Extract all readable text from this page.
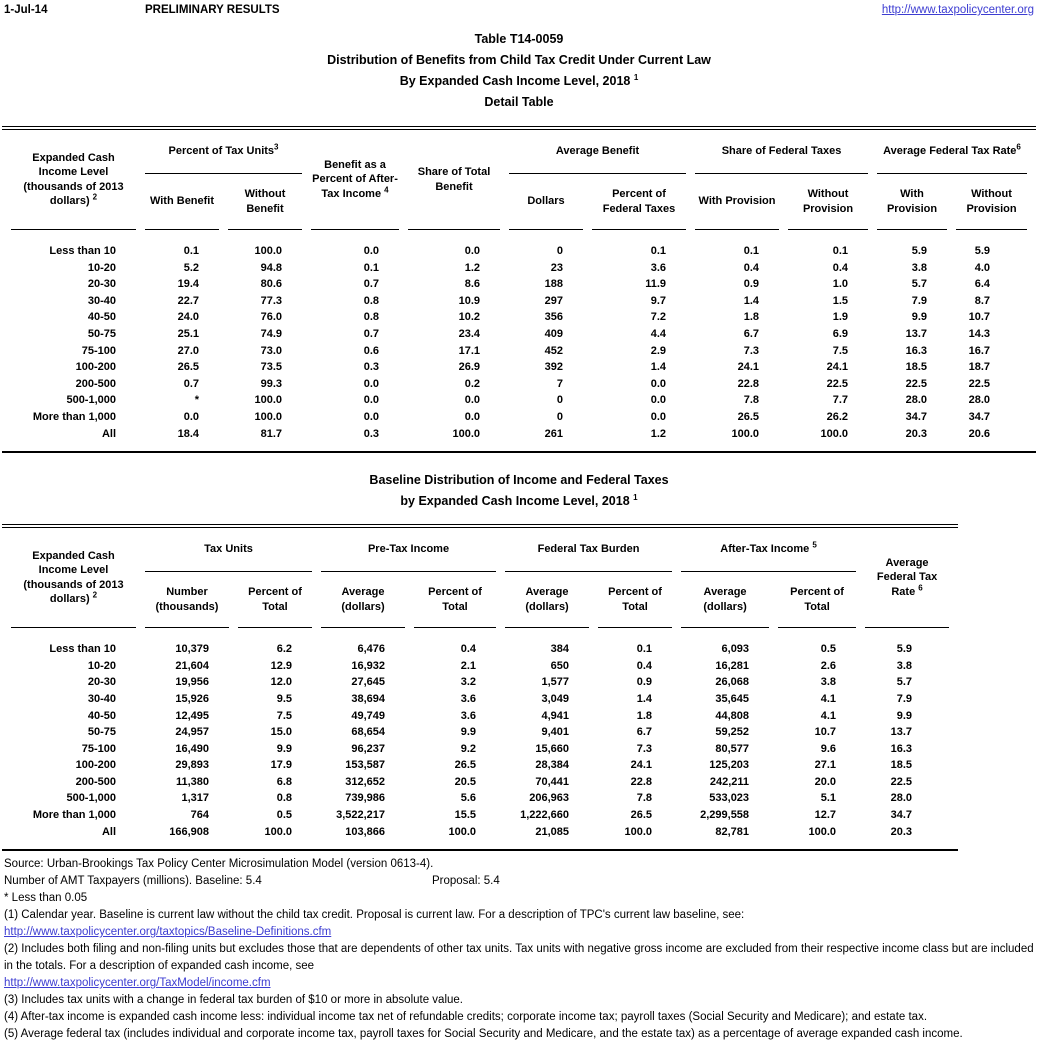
1-Jul-14	PRELIMINARY RESULTS	http://www.taxpolicycenter.org
Table T14-0059
Distribution of Benefits from Child Tax Credit Under Current Law
By Expanded Cash Income Level, 2018 $^1$
Detail Table
Expanded Cash Income Level (thousands of 2013 dollars) $^2$	Percent of Tax Units$^3$		Benefit as a Percent of After-Tax Income $^4$	Share of Total Benefit	Average Benefit		Share of Federal Taxes		Average Federal Tax Rate$^6$
	With Benefit	Without Benefit			Dollars	Percent of Federal Taxes	With Provision	Without Provision	With Provision	Without Provision
Less than 10	0.1	100.0	0.0	0.0	0	0.1	0.1	0.1	5.9	5.9
10-20	5.2	94.8	0.1	1.2	23	3.6	0.4	0.4	3.8	4.0
20-30	19.4	80.6	0.7	8.6	188	11.9	0.9	1.0	5.7	6.4
30-40	22.7	77.3	0.8	10.9	297	9.7	1.4	1.5	7.9	8.7
40-50	24.0	76.0	0.8	10.2	356	7.2	1.8	1.9	9.9	10.7
50-75	25.1	74.9	0.7	23.4	409	4.4	6.7	6.9	13.7	14.3
75-100	27.0	73.0	0.6	17.1	452	2.9	7.3	7.5	16.3	16.7
100-200	26.5	73.5	0.3	26.9	392	1.4	24.1	24.1	18.5	18.7
200-500	0.7	99.3	0.0	0.2	7	0.0	22.8	22.5	22.5	22.5
500-1,000	*	100.0	0.0	0.0	0	0.0	7.8	7.7	28.0	28.0
More than 1,000	0.0	100.0	0.0	0.0	0	0.0	26.5	26.2	34.7	34.7
All	18.4	81.7	0.3	100.0	261	1.2	100.0	100.0	20.3	20.6
Baseline Distribution of Income and Federal Taxes
by Expanded Cash Income Level, 2018 $^1$
Expanded Cash Income Level (thousands of 2013 dollars) $^2$	Tax Units		Pre-Tax Income		Federal Tax Burden		After-Tax Income $^5$		Average Federal Tax Rate $^6$
	Number (thousands)	Percent of Total	Average (dollars)	Percent of Total	Average (dollars)	Percent of Total	Average (dollars)	Percent of Total	
Less than 10	10,379	6.2	6,476	0.4	384	0.1	6,093	0.5	5.9
10-20	21,604	12.9	16,932	2.1	650	0.4	16,281	2.6	3.8
20-30	19,956	12.0	27,645	3.2	1,577	0.9	26,068	3.8	5.7
30-40	15,926	9.5	38,694	3.6	3,049	1.4	35,645	4.1	7.9
40-50	12,495	7.5	49,749	3.6	4,941	1.8	44,808	4.1	9.9
50-75	24,957	15.0	68,654	9.9	9,401	6.7	59,252	10.7	13.7
75-100	16,490	9.9	96,237	9.2	15,660	7.3	80,577	9.6	16.3
100-200	29,893	17.9	153,587	26.5	28,384	24.1	125,203	27.1	18.5
200-500	11,380	6.8	312,652	20.5	70,441	22.8	242,211	20.0	22.5
500-1,000	1,317	0.8	739,986	5.6	206,963	7.8	533,023	5.1	28.0
More than 1,000	764	0.5	3,522,217	15.5	1,222,660	26.5	2,299,558	12.7	34.7
All	166,908	100.0	103,866	100.0	21,085	100.0	82,781	100.0	20.3
Source: Urban-Brookings Tax Policy Center Microsimulation Model (version 0613-4).
Number of AMT Taxpayers (millions). Baseline: 5.4	Proposal: 5.4
* Less than 0.05
(1) Calendar year. Baseline is current law without the child tax credit. Proposal is current law. For a description of TPC's current law baseline, see:
http://www.taxpolicycenter.org/taxtopics/Baseline-Definitions.cfm
(2) Includes both filing and non-filing units but excludes those that are dependents of other tax units. Tax units with negative gross income are excluded from their respective income class but are included in the totals. For a description of expanded cash income, see
http://www.taxpolicycenter.org/TaxModel/income.cfm
(3) Includes tax units with a change in federal tax burden of $10 or more in absolute value.
(4) After-tax income is expanded cash income less: individual income tax net of refundable credits; corporate income tax; payroll taxes (Social Security and Medicare); and estate tax.
(5) Average federal tax (includes individual and corporate income tax, payroll taxes for Social Security and Medicare, and the estate tax) as a percentage of average expanded cash income.
